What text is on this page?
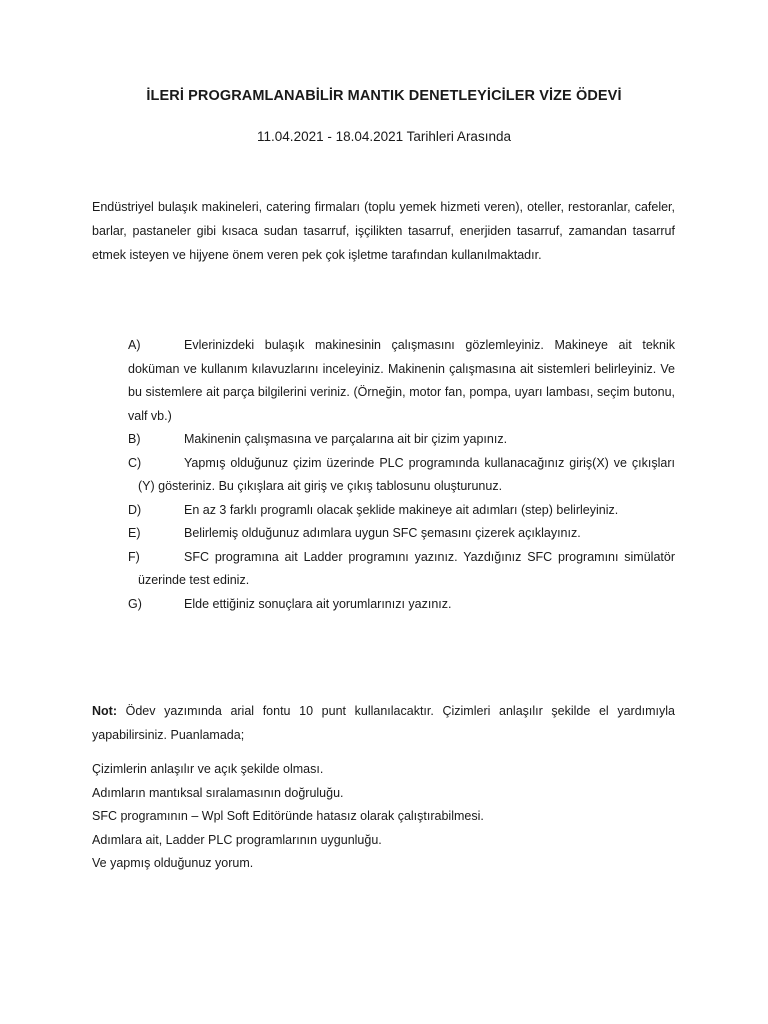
İLERİ PROGRAMLANABİLİR MANTIK DENETLEYİCİLER VİZE ÖDEVİ
11.04.2021 - 18.04.2021 Tarihleri Arasında

Endüstriyel bulaşık makineleri, catering firmaları (toplu yemek hizmeti veren), oteller, restoranlar, cafeler, barlar, pastaneler gibi kısaca sudan tasarruf, işçilikten tasarruf, enerjiden tasarruf, zamandan tasarruf etmek isteyen ve hijyene önem veren pek çok işletme tarafından kullanılmaktadır.

A)	Evlerinizdeki bulaşık makinesinin çalışmasını gözlemleyiniz. Makineye ait teknik doküman ve kullanım kılavuzlarını inceleyiniz. Makinenin çalışmasına ait sistemleri belirleyiniz. Ve bu sistemlere ait parça bilgilerini veriniz. (Örneğin, motor fan, pompa, uyarı lambası, seçim butonu, valf vb.)
B)	Makinenin çalışmasına ve parçalarına ait bir çizim yapınız.
C)	Yapmış olduğunuz çizim üzerinde PLC programında kullanacağınız giriş(X) ve çıkışları (Y) gösteriniz. Bu çıkışlara ait giriş ve çıkış tablosunu oluşturunuz.
D)	En az 3 farklı programlı olacak şeklide makineye ait adımları (step) belirleyiniz.
E)	Belirlemiş olduğunuz adımlara uygun SFC şemasını çizerek açıklayınız.
F)	SFC programına ait Ladder programını yazınız. Yazdığınız SFC programını simülatör üzerinde test ediniz.
G)	Elde ettiğiniz sonuçlara ait yorumlarınızı yazınız.

Not: Ödev yazımında arial fontu 10 punt kullanılacaktır. Çizimleri anlaşılır şekilde el yardımıyla yapabilirsiniz. Puanlamada;

Çizimlerin anlaşılır ve açık şekilde olması.
Adımların mantıksal sıralamasının doğruluğu.
SFC programının – Wpl Soft Editöründe hatasız olarak çalıştırabilmesi.
Adımlara ait, Ladder PLC programlarının uygunluğu.
Ve yapmış olduğunuz yorum.
